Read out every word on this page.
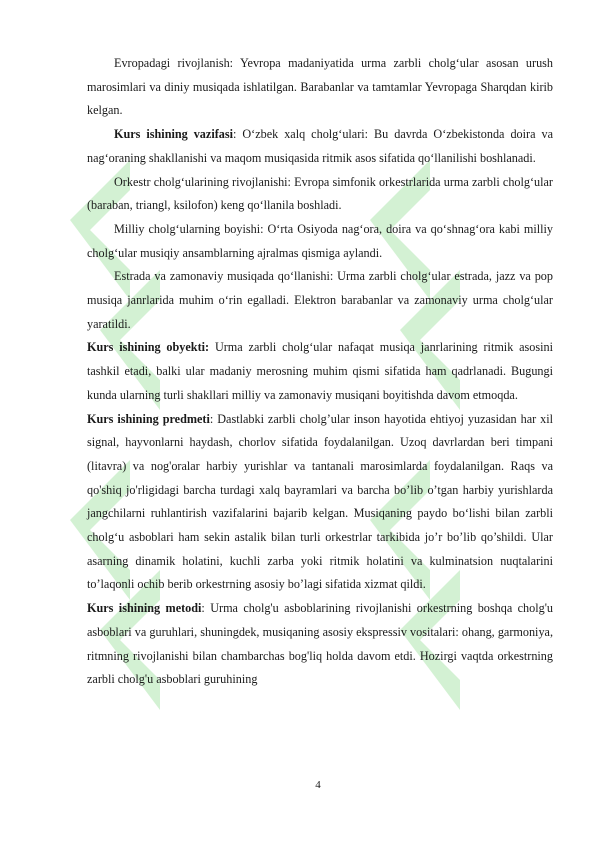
Evropadagi rivojlanish: Yevropa madaniyatida urma zarbli cholg‘ular asosan urush marosimlari va diniy musiqada ishlatilgan. Barabanlar va tamtamlar Yevropaga Sharqdan kirib kelgan.

Kurs ishining vazifasi: O‘zbek xalq cholg‘ulari: Bu davrda O‘zbekistonda doira va nag‘oraning shakllanishi va maqom musiqasida ritmik asos sifatida qo‘llanilishi boshlanadi.

Orkestr cholg‘ularining rivojlanishi: Evropa simfonik orkestrlarida urma zarbli cholg‘ular (baraban, triangl, ksilofon) keng qo‘llanila boshladi.

Milliy cholg‘ularning boyishi: O‘rta Osiyoda nag‘ora, doira va qo‘shnag‘ora kabi milliy cholg‘ular musiqiy ansamblarning ajralmas qismiga aylandi.

Estrada va zamonaviy musiqada qo‘llanishi: Urma zarbli cholg‘ular estrada, jazz va pop musiqa janrlarida muhim o‘rin egalladi. Elektron barabanlar va zamonaviy urma cholg‘ular yaratildi.

Kurs ishining obyekti: Urma zarbli cholg‘ular nafaqat musiqa janrlarining ritmik asosini tashkil etadi, balki ular madaniy merosning muhim qismi sifatida ham qadrlanadi. Bugungi kunda ularning turli shakllari milliy va zamonaviy musiqani boyitishda davom etmoqda.

Kurs ishining predmeti: Dastlabki zarbli cholg’ular inson hayotida ehtiyoj yuzasidan har xil signal, hayvonlarni haydash, chorlov sifatida foydalanilgan. Uzoq davrlardan beri timpani (litavra) va nog'oralar harbiy yurishlar va tantanali marosimlarda foydalanilgan. Raqs va qo'shiq jo'rligidagi barcha turdagi xalq bayramlari va barcha bo’lib o’tgan harbiy yurishlarda jangchilarni ruhlantirish vazifalarini bajarib kelgan. Musiqaning paydo bo‘lishi bilan zarbli cholg‘u asboblari ham sekin astalik bilan turli orkestrlar tarkibida jo’r bo’lib qo’shildi. Ular asarning dinamik holatini, kuchli zarba yoki ritmik holatini va kulminatsion nuqtalarini to’laqonli ochib berib orkestrning asosiy bo’lagi sifatida xizmat qildi.

Kurs ishining metodi: Urma cholg'u asboblarining rivojlanishi orkestrning boshqa cholg'u asboblari va guruhlari, shuningdek, musiqaning asosiy ekspressiv vositalari: ohang, garmoniya, ritmning rivojlanishi bilan chambarchas bog'liq holda davom etdi. Hozirgi vaqtda orkestrning zarbli cholg'u asboblari guruhining

4
